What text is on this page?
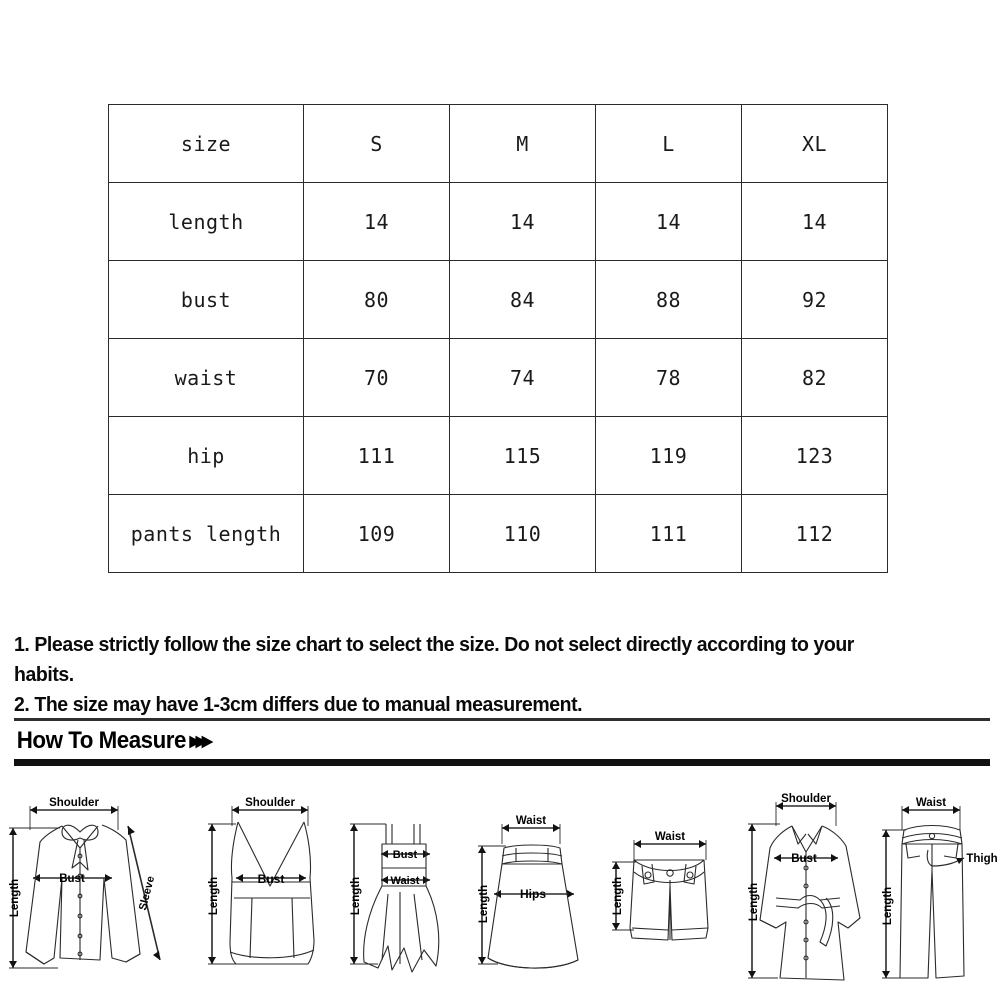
size	S	M	L	XL
length	14	14	14	14
bust	80	84	88	92
waist	70	74	78	82
hip	111	115	119	123
pants length	109	110	111	112
1. Please strictly follow the size chart to select the size. Do not select directly according to your
habits.
2. The size may have 1-3cm differs due to manual measurement.
How To Measure ▸▸▸
Shoulder
Bust
Length	Sleeve
Shoulder
Bust
Length
Bust
Waist
Length
Waist
Hips
Length
Waist
Length
Shoulder
Bust
Length
Waist
Thigh
Length
